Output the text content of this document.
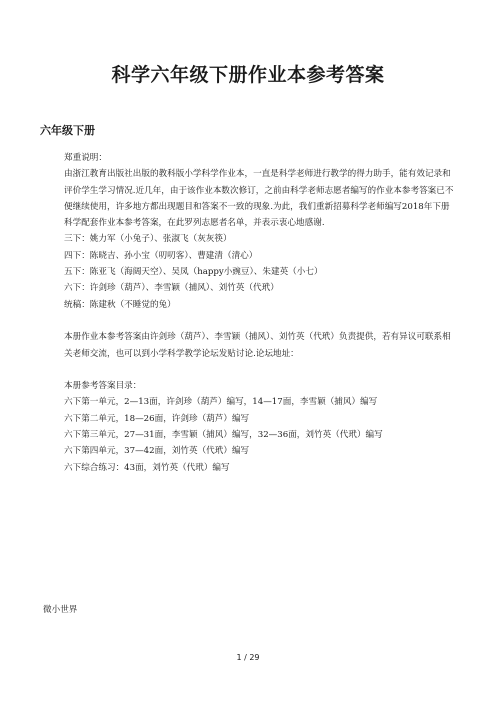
科学六年级下册作业本参考答案
六年级下册

郑重说明：

由浙江教育出版社出版的教科版小学科学作业本，一直是科学老师进行教学的得力助手，能有效记录和评价学生学习情况.近几年，由于该作业本数次修订，之前由科学老师志愿者编写的作业本参考答案已不便继续使用，许多地方都出现题目和答案不一致的现象.为此，我们重新招募科学老师编写2018年下册科学配套作业本参考答案，在此罗列志愿者名单，并表示衷心地感谢.

三下：姚力军（小兔子）、张淑飞（灰灰筷）

四下：陈晓吉、孙小宝（叨叨客）、曹建清（清心）

五下：陈亚飞（海阔天空）、吴凤（happy小豌豆）、朱建英（小七）

六下：许剑珍（葫芦）、李雪颖（捕风）、刘竹英（代玳）

统稿：陈建秋（不睡觉的兔）

本册作业本参考答案由许剑珍（葫芦）、李雪颖（捕风）、刘竹英（代玳）负责提供，若有异议可联系相关老师交流，也可以到小学科学教学论坛发贴讨论.论坛地址：

本册参考答案目录：

六下第一单元，2—13面，许剑珍（葫芦）编写，14—17面，李雪颖（捕风）编写

六下第二单元，18—26面，许剑珍（葫芦）编写

六下第三单元，27—31面，李雪颖（捕风）编写，32—36面，刘竹英（代玳）编写

六下第四单元，37—42面，刘竹英（代玳）编写

六下综合练习：43面，刘竹英（代玳）编写

微小世界
1 / 29
